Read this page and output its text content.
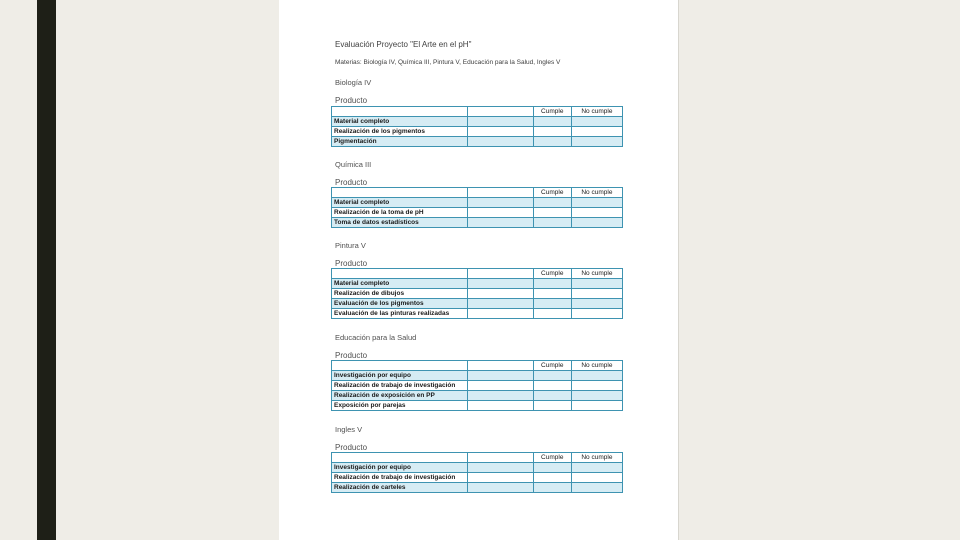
Evaluación Proyecto "El Arte en el pH"
Materias: Biología IV, Química III, Pintura V, Educación para la Salud, Ingles V
Biología IV
Producto
		Cumple	No cumple
Material completo			
Realización de los pigmentos			
Pigmentación			
Química III
Producto
		Cumple	No cumple
Material completo			
Realización de la toma de pH			
Toma de datos estadísticos			
Pintura V
Producto
		Cumple	No cumple
Material completo			
Realización de dibujos			
Evaluación de los pigmentos			
Evaluación de las pinturas realizadas			
Educación para la Salud
Producto
		Cumple	No cumple
Investigación por equipo			
Realización de trabajo de investigación			
Realización de exposición en PP			
Exposición por parejas			
Ingles V
Producto
		Cumple	No cumple
Investigación por equipo			
Realización de trabajo de investigación			
Realización de carteles			
